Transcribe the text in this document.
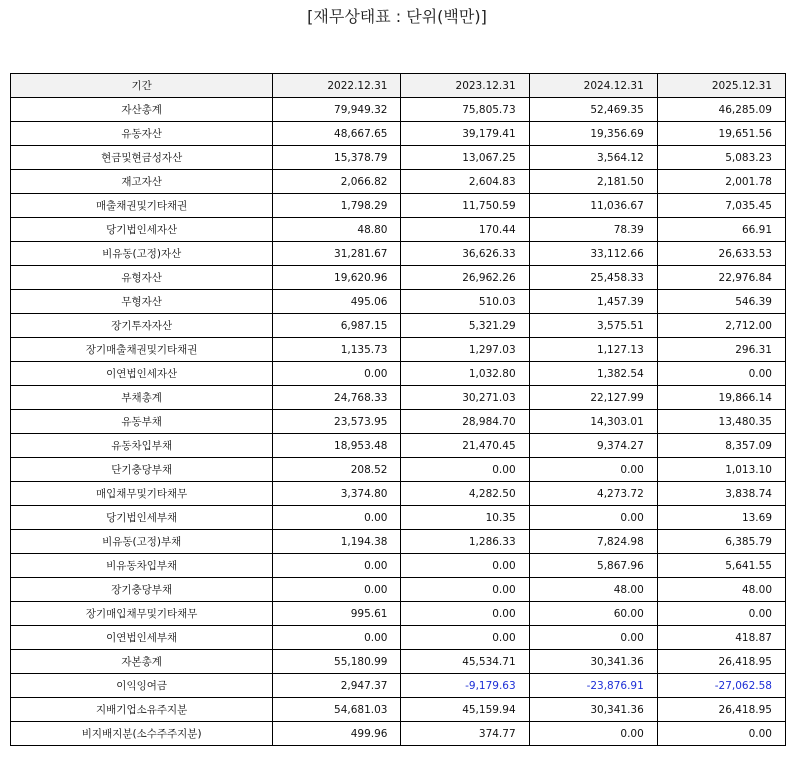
[재무상태표 : 단위(백만)]
기간	2022.12.31	2023.12.31	2024.12.31	2025.12.31
자산총계	79,949.32	75,805.73	52,469.35	46,285.09
유동자산	48,667.65	39,179.41	19,356.69	19,651.56
현금및현금성자산	15,378.79	13,067.25	3,564.12	5,083.23
재고자산	2,066.82	2,604.83	2,181.50	2,001.78
매출채권및기타채권	1,798.29	11,750.59	11,036.67	7,035.45
당기법인세자산	48.80	170.44	78.39	66.91
비유동(고정)자산	31,281.67	36,626.33	33,112.66	26,633.53
유형자산	19,620.96	26,962.26	25,458.33	22,976.84
무형자산	495.06	510.03	1,457.39	546.39
장기투자자산	6,987.15	5,321.29	3,575.51	2,712.00
장기매출채권및기타채권	1,135.73	1,297.03	1,127.13	296.31
이연법인세자산	0.00	1,032.80	1,382.54	0.00
부채총계	24,768.33	30,271.03	22,127.99	19,866.14
유동부채	23,573.95	28,984.70	14,303.01	13,480.35
유동차입부채	18,953.48	21,470.45	9,374.27	8,357.09
단기충당부채	208.52	0.00	0.00	1,013.10
매입채무및기타채무	3,374.80	4,282.50	4,273.72	3,838.74
당기법인세부채	0.00	10.35	0.00	13.69
비유동(고정)부채	1,194.38	1,286.33	7,824.98	6,385.79
비유동차입부채	0.00	0.00	5,867.96	5,641.55
장기충당부채	0.00	0.00	48.00	48.00
장기매입채무및기타채무	995.61	0.00	60.00	0.00
이연법인세부채	0.00	0.00	0.00	418.87
자본총계	55,180.99	45,534.71	30,341.36	26,418.95
이익잉여금	2,947.37	-9,179.63	-23,876.91	-27,062.58
지배기업소유주지분	54,681.03	45,159.94	30,341.36	26,418.95
비지배지분(소수주주지분)	499.96	374.77	0.00	0.00
